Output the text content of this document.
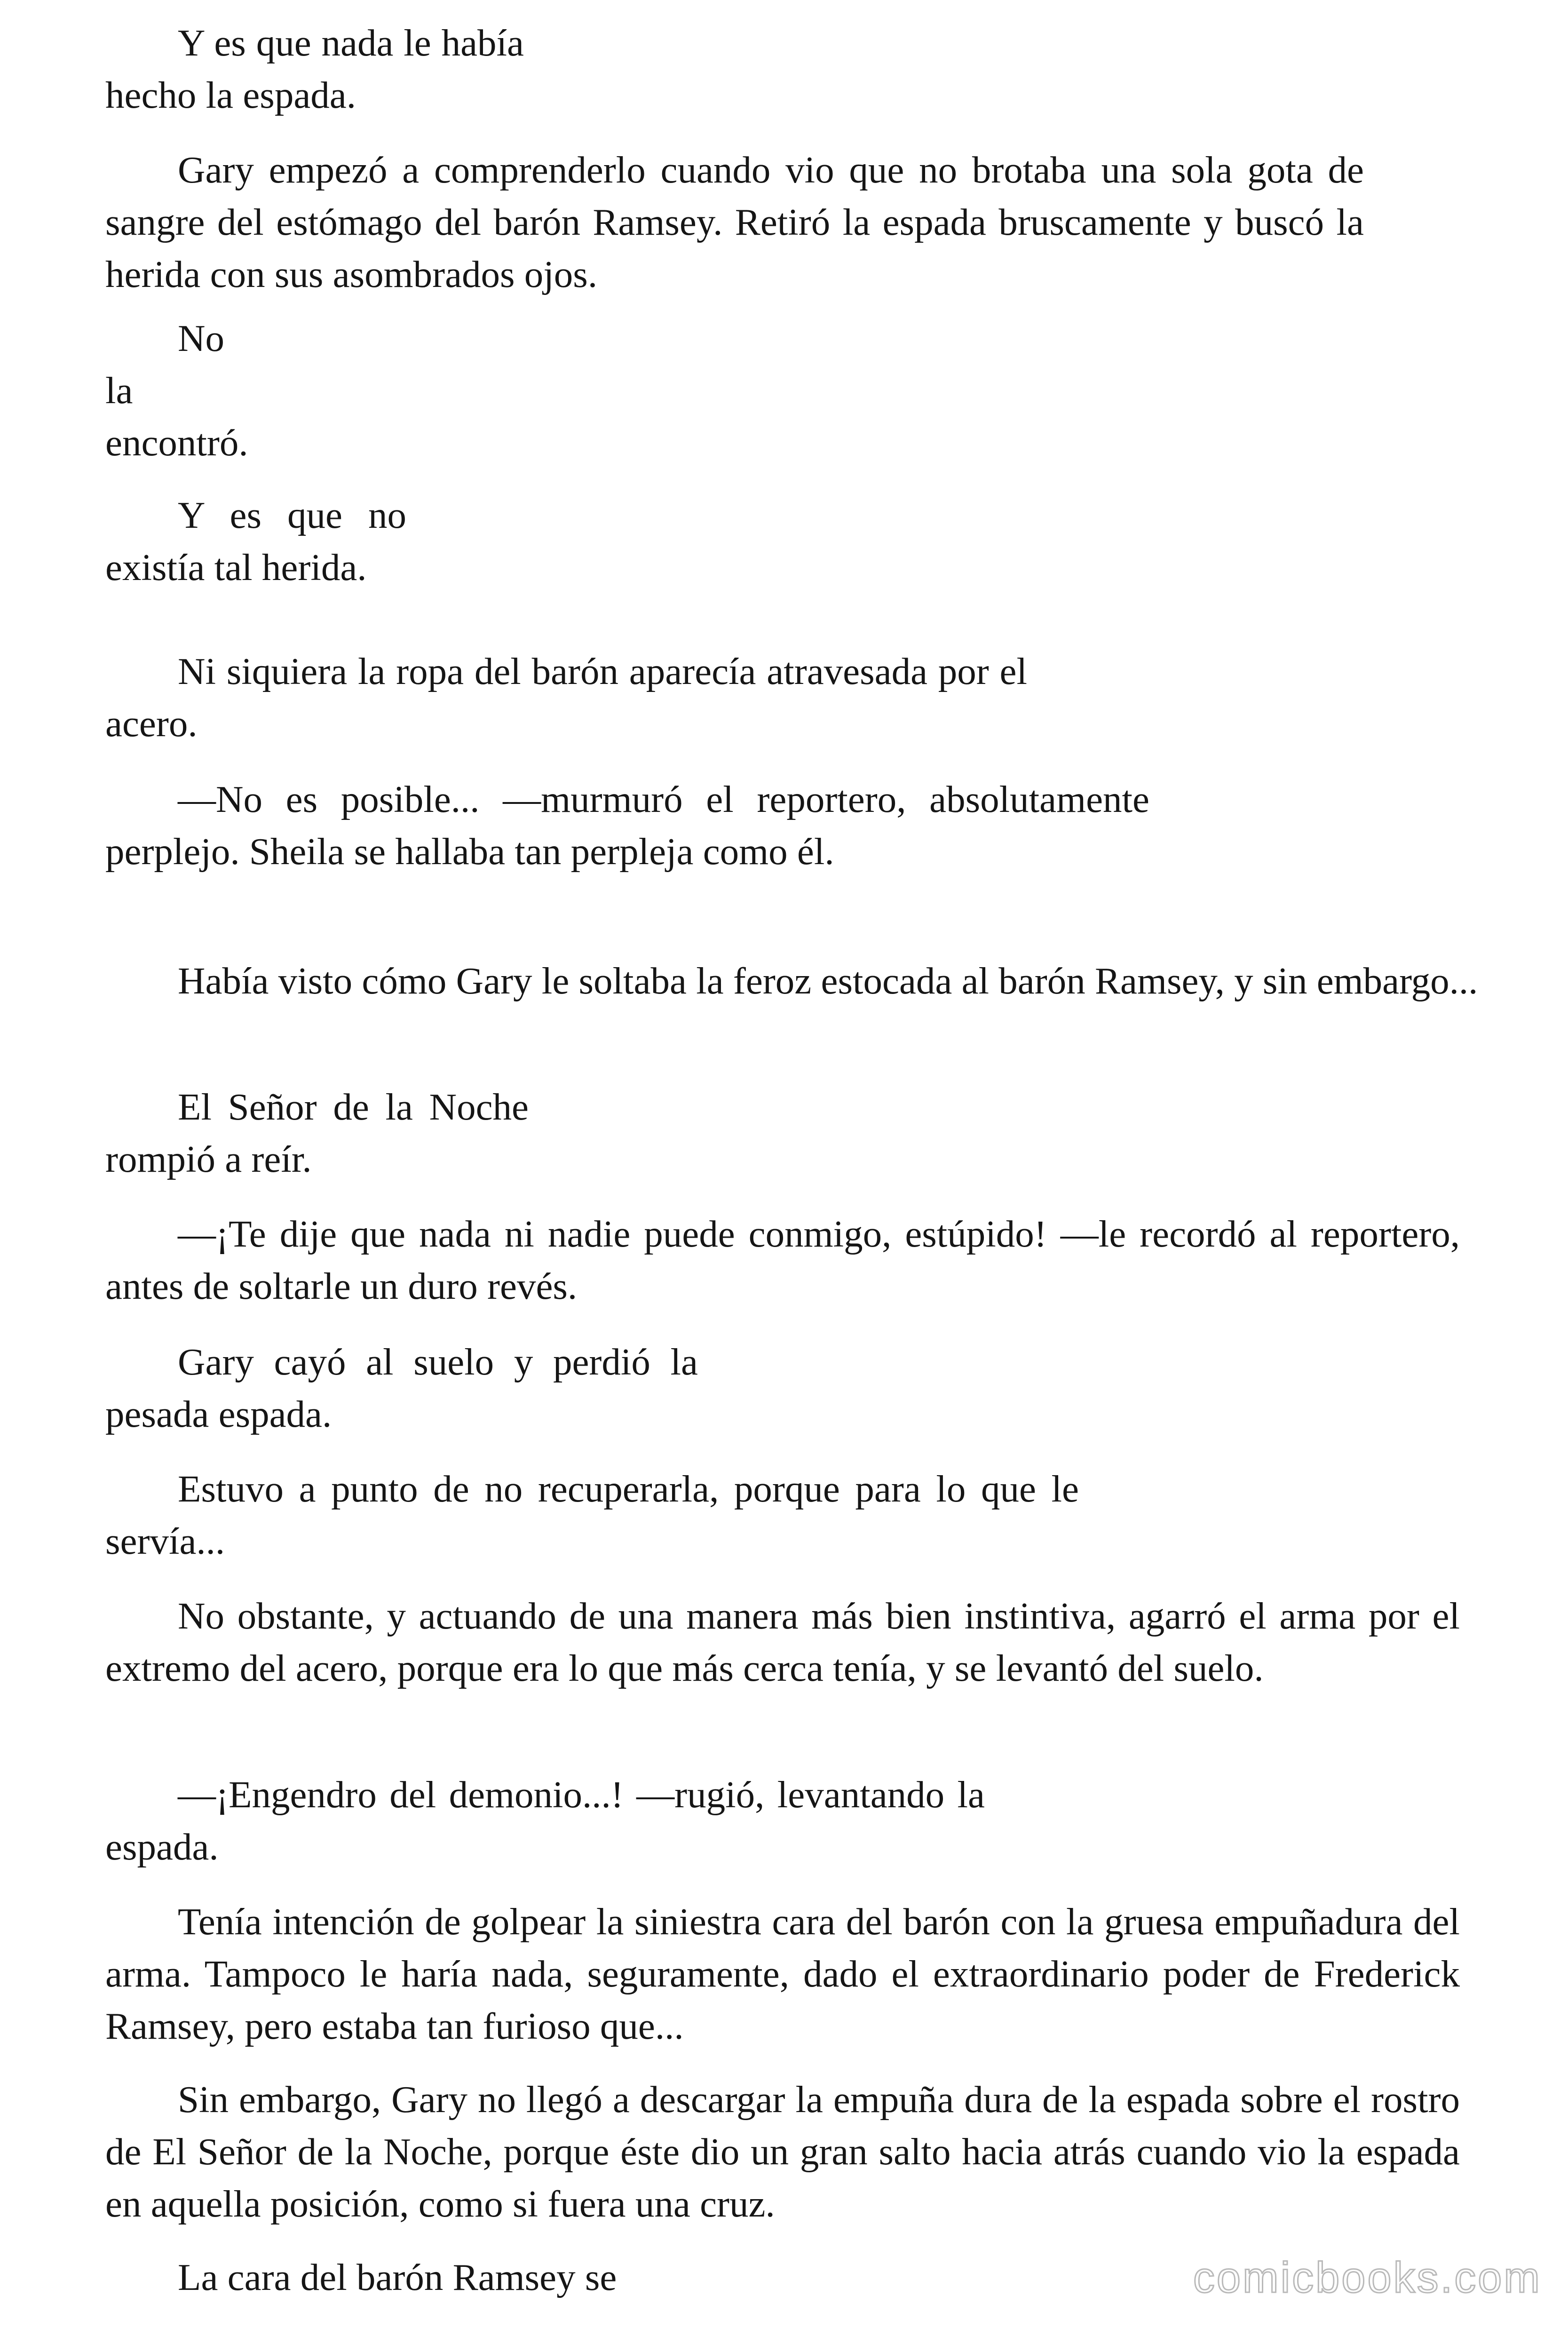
Y es que nada le había hecho la espada.

Gary empezó a comprenderlo cuando vio que no brotaba una sola gota de sangre del estómago del barón Ramsey. Retiró la espada bruscamente y buscó la herida con sus asombrados ojos.

No la encontró.

Y es que no existía tal herida.

Ni siquiera la ropa del barón aparecía atravesada por el acero.

—No es posible... —murmuró el reportero, absolutamente perplejo. Sheila se hallaba tan perpleja como él.

Había visto cómo Gary le soltaba la feroz estocada al barón Ramsey, y sin embargo...

El Señor de la Noche rompió a reír.

—¡Te dije que nada ni nadie puede conmigo, estúpido! —le recordó al reportero, antes de soltarle un duro revés.

Gary cayó al suelo y perdió la pesada espada.

Estuvo a punto de no recuperarla, porque para lo que le servía...

No obstante, y actuando de una manera más bien instintiva, agarró el arma por el extremo del acero, porque era lo que más cerca tenía, y se levantó del suelo.

—¡Engendro del demonio...! —rugió, levantando la espada.

Tenía intención de golpear la siniestra cara del barón con la gruesa empuñadura del arma. Tampoco le haría nada, seguramente, dado el extraordinario poder de Frederick Ramsey, pero estaba tan furioso que...

Sin embargo, Gary no llegó a descargar la empuña dura de la espada sobre el rostro de El Señor de la Noche, porque éste dio un gran salto hacia atrás cuando vio la espada en aquella posición, como si fuera una cruz.

La cara del barón Ramsey se	comicbooks.com
